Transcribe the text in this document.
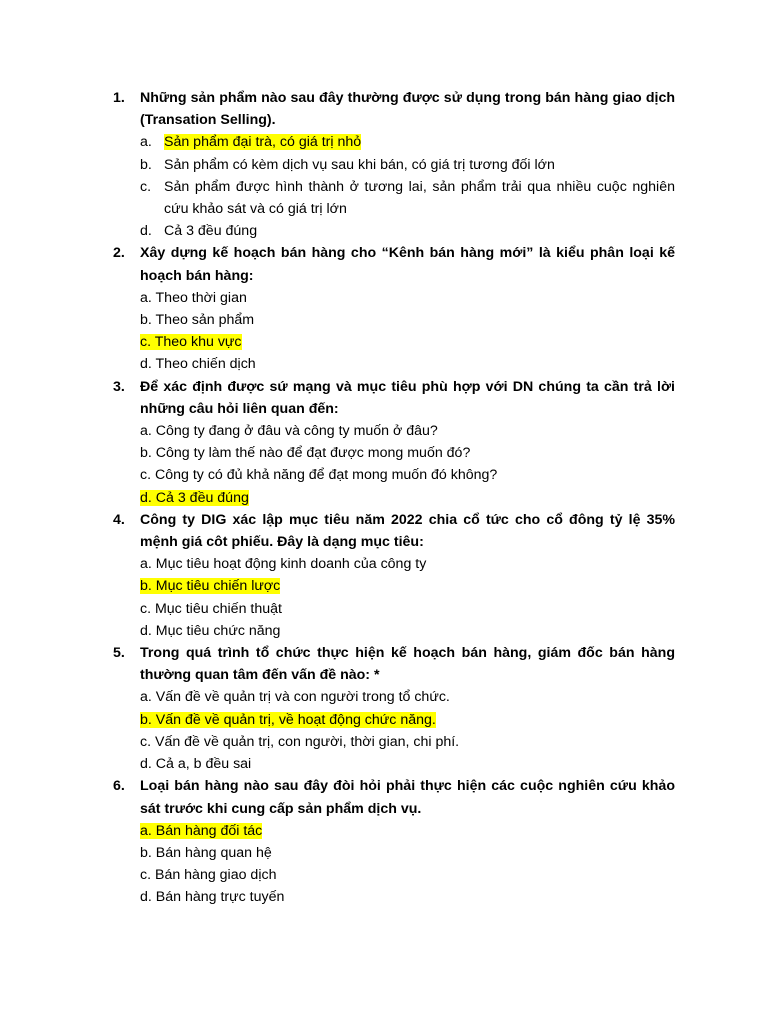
1. Những sản phẩm nào sau đây thường được sử dụng trong bán hàng giao dịch (Transation Selling).
a. Sản phẩm đại trà, có giá trị nhỏ
b. Sản phẩm có kèm dịch vụ sau khi bán, có giá trị tương đối lớn
c. Sản phẩm được hình thành ở tương lai, sản phẩm trải qua nhiều cuộc nghiên cứu khảo sát và có giá trị lớn
d. Cả 3 đều đúng
2. Xây dựng kế hoạch bán hàng cho “Kênh bán hàng mới” là kiểu phân loại kế hoạch bán hàng:
a. Theo thời gian
b. Theo sản phẩm
c. Theo khu vực
d. Theo chiến dịch
3. Để xác định được sứ mạng và mục tiêu phù hợp với DN chúng ta cần trả lời những câu hỏi liên quan đến:
a. Công ty đang ở đâu và công ty muốn ở đâu?
b. Công ty làm thế nào để đạt được mong muốn đó?
c. Công ty có đủ khả năng để đạt mong muốn đó không?
d. Cả 3 đều đúng
4. Công ty DIG xác lập mục tiêu năm 2022 chia cổ tức cho cổ đông tỷ lệ 35% mệnh giá côt phiếu. Đây là dạng mục tiêu:
a. Mục tiêu hoạt động kinh doanh của công ty
b. Mục tiêu chiến lược
c. Mục tiêu chiến thuật
d. Mục tiêu chức năng
5. Trong quá trình tổ chức thực hiện kế hoạch bán hàng, giám đốc bán hàng thường quan tâm đến vấn đề nào: *
a. Vấn đề về quản trị và con người trong tổ chức.
b. Vấn đề về quản trị, về hoạt động chức năng.
c. Vấn đề về quản trị, con người, thời gian, chi phí.
d. Cả a, b đều sai
6. Loại bán hàng nào sau đây đòi hỏi phải thực hiện các cuộc nghiên cứu khảo sát trước khi cung cấp sản phẩm dịch vụ.
a. Bán hàng đối tác
b. Bán hàng quan hệ
c. Bán hàng giao dịch
d. Bán hàng trực tuyến
